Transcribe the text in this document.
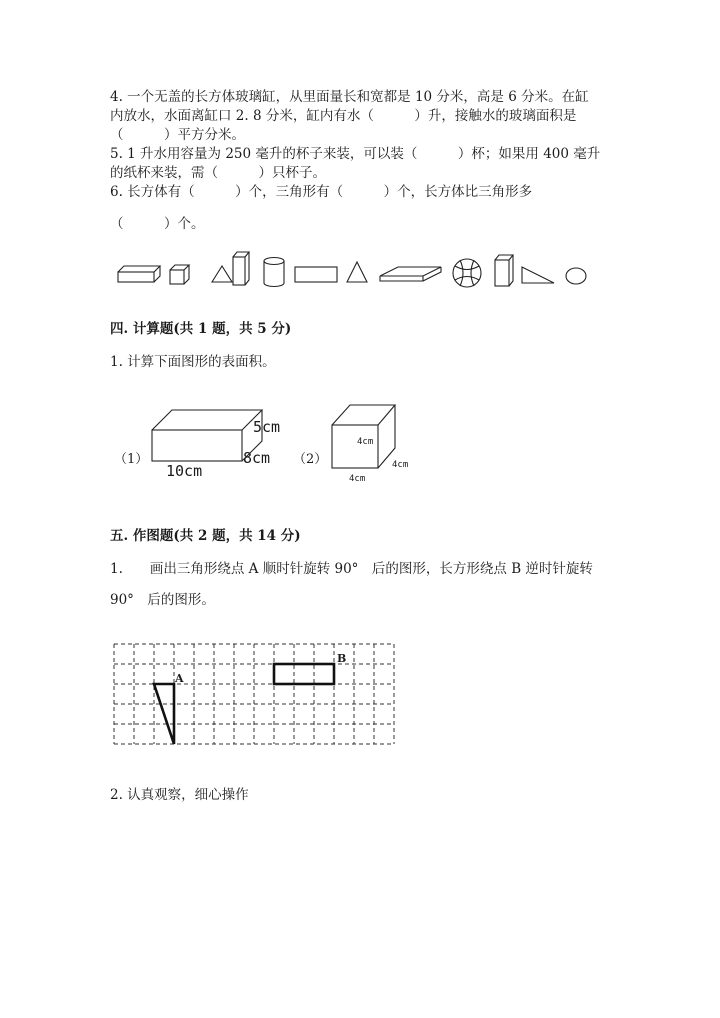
4. 一个无盖的长方体玻璃缸，从里面量长和宽都是 10 分米，高是 6 分米。在缸
内放水，水面离缸口 2. 8 分米，缸内有水（　　　）升，接触水的玻璃面积是
（　　　）平方分米。
5. 1 升水用容量为 250 毫升的杯子来装，可以装（　　　）杯；如果用 400 毫升
的纸杯来装，需（　　　）只杯子。
6. 长方体有（　　　）个，三角形有（　　　）个，长方体比三角形多
（　　　）个。
四. 计算题(共 1 题，共 5 分)
1. 计算下面图形的表面积。
（1）
5cm
8cm
10cm
（2）
4cm
4cm
4cm
五. 作图题(共 2 题，共 14 分)
1.　　画出三角形绕点 A 顺时针旋转 90°　后的图形，长方形绕点 B 逆时针旋转
90°　后的图形。
A
B
2. 认真观察，细心操作
